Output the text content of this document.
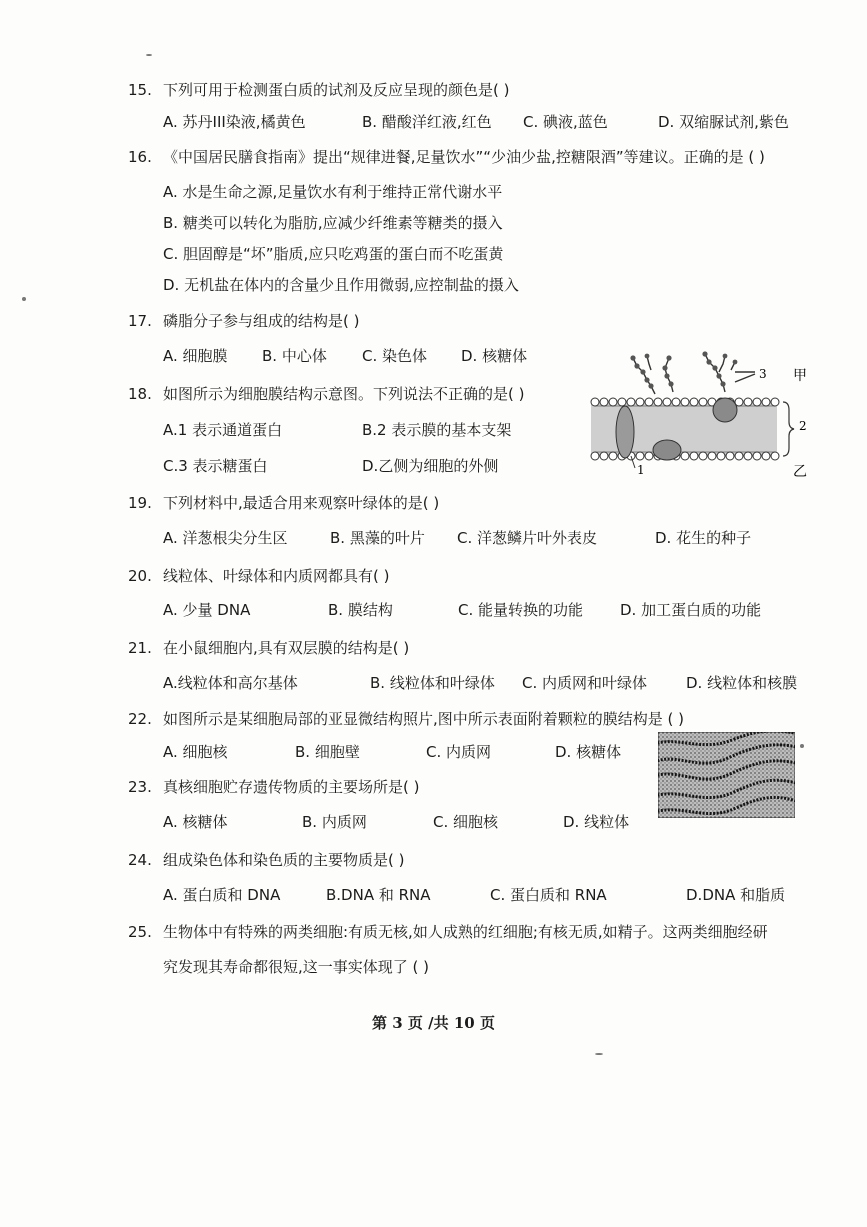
15. 下列可用于检测蛋白质的试剂及反应呈现的颜色是( )
A. 苏丹III染液,橘黄色	B. 醋酸洋红液,红色 C. 碘液,蓝色	D. 双缩脲试剂,紫色
16. 《中国居民膳食指南》提出“规律进餐,足量饮水”“少油少盐,控糖限酒”等建议。正确的是 ( )
A. 水是生命之源,足量饮水有利于维持正常代谢水平
B. 糖类可以转化为脂肪,应减少纤维素等糖类的摄入
C. 胆固醇是“坏”脂质,应只吃鸡蛋的蛋白而不吃蛋黄
D. 无机盐在体内的含量少且作用微弱,应控制盐的摄入
17. 磷脂分子参与组成的结构是( )
A. 细胞膜 B. 中心体 C. 染色体 D. 核糖体
18. 如图所示为细胞膜结构示意图。下列说法不正确的是( )
A.1 表示通道蛋白	B.2 表示膜的基本支架
C.3 表示糖蛋白	D.乙侧为细胞的外侧	1
2
3 甲
乙
19. 下列材料中,最适合用来观察叶绿体的是( )
A. 洋葱根尖分生区	B. 黑藻的叶片 C. 洋葱鳞片叶外表皮	D. 花生的种子
20. 线粒体、叶绿体和内质网都具有( )
A. 少量 DNA	B. 膜结构	C. 能量转换的功能 D. 加工蛋白质的功能
21. 在小鼠细胞内,具有双层膜的结构是( )
A.线粒体和高尔基体	B. 线粒体和叶绿体 C. 内质网和叶绿体	D. 线粒体和核膜
22. 如图所示是某细胞局部的亚显微结构照片,图中所示表面附着颗粒的膜结构是 ( )
A. 细胞核	B. 细胞壁	C. 内质网	D. 核糖体
23. 真核细胞贮存遗传物质的主要场所是( )
A. 核糖体	B. 内质网	C. 细胞核	D. 线粒体
24. 组成染色体和染色质的主要物质是( )
A. 蛋白质和 DNA	B.DNA 和 RNA	C. 蛋白质和 RNA	D.DNA 和脂质
25. 生物体中有特殊的两类细胞:有质无核,如人成熟的红细胞;有核无质,如精子。这两类细胞经研
究发现其寿命都很短,这一事实体现了 ( )
第 3 页 /共 10 页
